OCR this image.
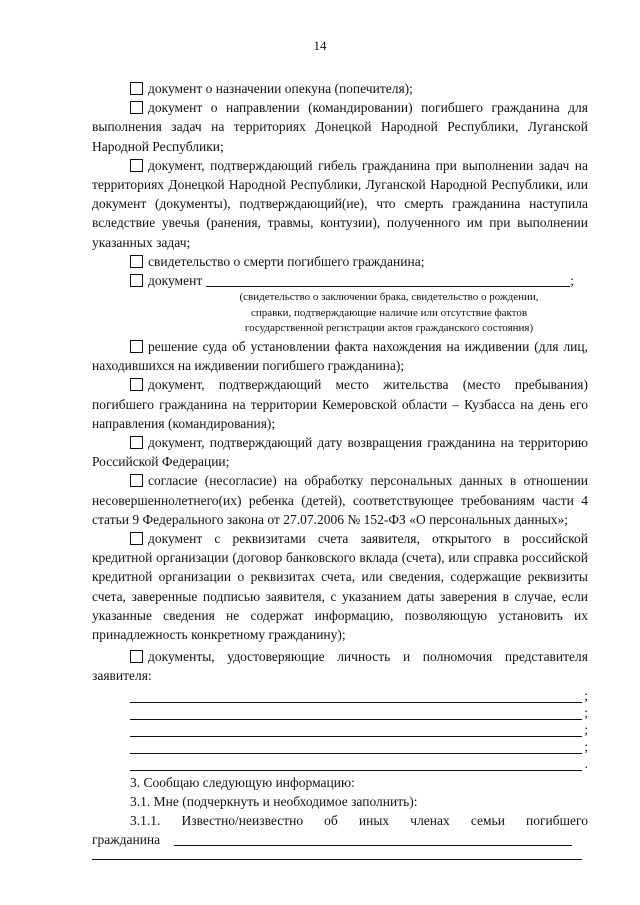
14

документ о назначении опекуна (попечителя);

документ о направлении (командировании) погибшего гражданина для выполнения задач на территориях Донецкой Народной Республики, Луганской Народной Республики;

документ, подтверждающий гибель гражданина при выполнении задач на территориях Донецкой Народной Республики, Луганской Народной Республики, или документ (документы), подтверждающий(ие), что смерть гражданина наступила вследствие увечья (ранения, травмы, контузии), полученного им при выполнении указанных задач;

свидетельство о смерти погибшего гражданина;

документ	;

(свидетельство о заключении брака, свидетельство о рождении, справки, подтверждающие наличие или отсутствие фактов государственной регистрации актов гражданского состояния)

решение суда об установлении факта нахождения на иждивении (для лиц, находившихся на иждивении погибшего гражданина);

документ, подтверждающий место жительства (место пребывания) погибшего гражданина на территории Кемеровской области – Кузбасса на день его направления (командирования);

документ, подтверждающий дату возвращения гражданина на территорию Российской Федерации;

согласие (несогласие) на обработку персональных данных в отношении несовершеннолетнего(их) ребенка (детей), соответствующее требованиям части 4 статьи 9 Федерального закона от 27.07.2006 № 152-ФЗ «О персональных данных»;

документ с реквизитами счета заявителя, открытого в российской кредитной организации (договор банковского вклада (счета), или справка российской кредитной организации о реквизитах счета, или сведения, содержащие реквизиты счета, заверенные подписью заявителя, с указанием даты заверения в случае, если указанные сведения не содержат информацию, позволяющую установить их принадлежность конкретному гражданину);

документы, удостоверяющие личность и полномочия представителя заявителя:

;
;
;
;
.

3. Сообщаю следующую информацию:

3.1. Мне (подчеркнуть и необходимое заполнить):

3.1.1. Известно/неизвестно об иных членах семьи погибшего

гражданина
